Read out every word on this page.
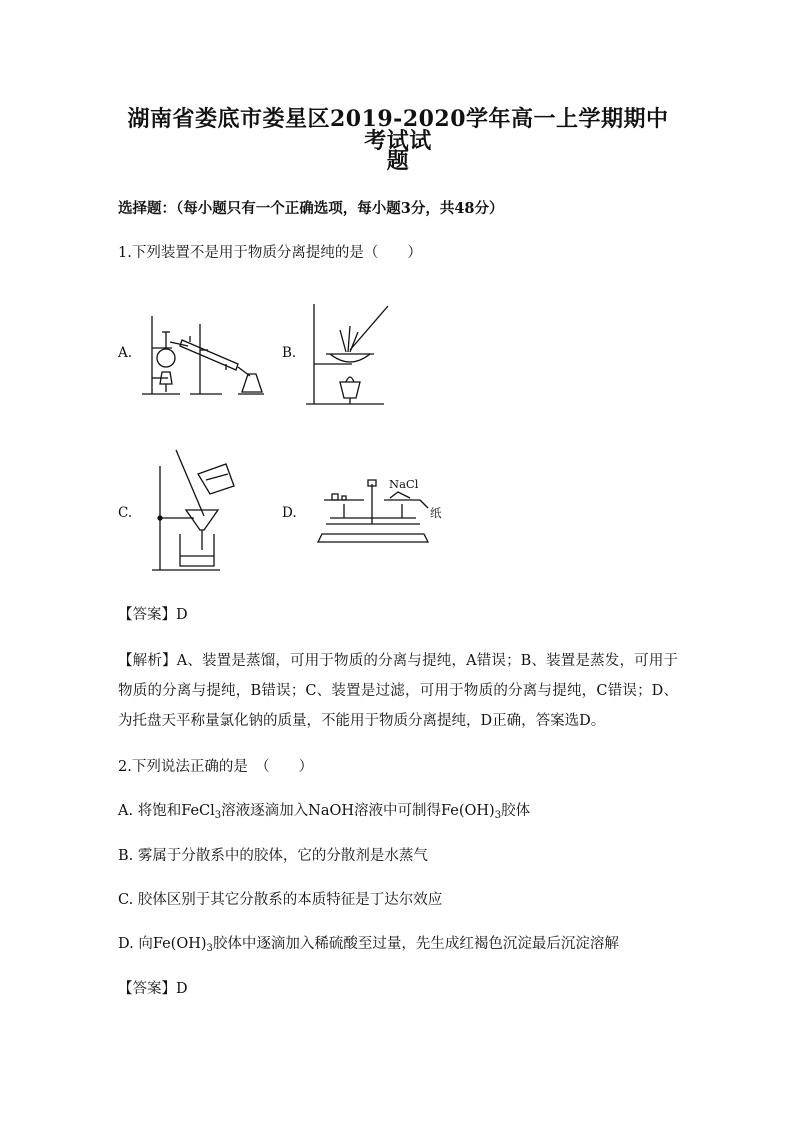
湖南省娄底市娄星区2019-2020学年高一上学期期中考试试
题
选择题：（每小题只有一个正确选项，每小题3分，共48分）
1.下列装置不是用于物质分离提纯的是（　　）
A.	B.
C.	D.
NaCl
纸
【答案】D
【解析】A、装置是蒸馏，可用于物质的分离与提纯，A错误；B、装置是蒸发，可用于物质的分离与提纯，B错误；C、装置是过滤，可用于物质的分离与提纯，C错误；D、为托盘天平称量氯化钠的质量，不能用于物质分离提纯，D正确，答案选D。
2.下列说法正确的是　（　　）
A. 将饱和FeCl$_3$溶液逐滴加入NaOH溶液中可制得$Fe(OH)_3$胶体
B. 雾属于分散系中的胶体，它的分散剂是水蒸气
C. 胶体区别于其它分散系的本质特征是丁达尔效应
D. 向$Fe(OH)_3$胶体中逐滴加入稀硫酸至过量，先生成红褐色沉淀最后沉淀溶解
【答案】D
